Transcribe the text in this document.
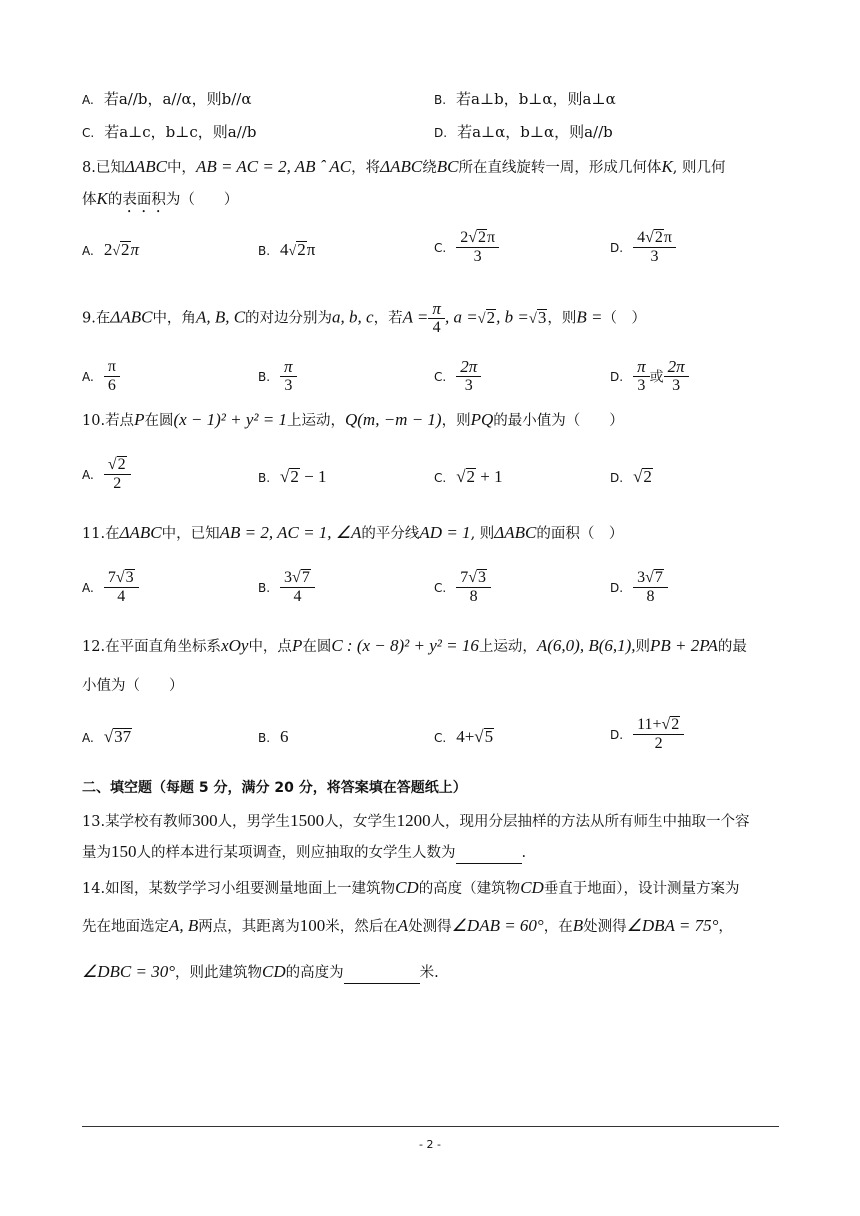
A. 若a//b，a//α，则b//α	B. 若a⊥b，b⊥α，则a⊥α
C. 若a⊥c，b⊥c，则a//b	D. 若a⊥α，b⊥α，则a//b
8.已知ΔABC中，AB = AC = 2, AB ˆ AC，将ΔABC绕BC所在直线旋转一周，形成几何体K, 则几何
体K的表面积为（　　）
A. 2√2π	B. 4√2π	C. $\frac{2√2\pi}{3}$	D. $\frac{4√2\pi}{3}$
9.在ΔABC中，角A, B, C的对边分别为a, b, c，若$A = \frac{\pi}{4}$ , a =√2, b =√3，则B =（　）
A. $\frac{\pi}{6}$	B. $\frac{\pi}{3}$	C. $\frac{2\pi}{3}$	D. $\frac{\pi}{3}$ 或 $\frac{2\pi}{3}$
10.若点P在圆(x − 1)² + y² = 1上运动，Q(m, −m − 1)，则PQ的最小值为（　　）
A. $\frac{√2}{2}$	B. √2 − 1	C. √2 + 1	D. √2
11.在ΔABC中，已知AB = 2, AC = 1, ∠A的平分线AD = 1, 则ΔABC的面积（　）
A. $\frac{7√3}{4}$	B. $\frac{3√7}{4}$	C. $\frac{7√3}{8}$	D. $\frac{3√7}{8}$
12.在平面直角坐标系xOy中，点P在圆C : (x − 8)² + y² = 16上运动，A(6,0), B(6,1),则PB + 2PA的最
小值为（　　）
A. √37	B. 6	C. 4+√5	D. $\frac{11+√2}{2}$
二、填空题（每题 5 分，满分 20 分，将答案填在答题纸上）
13.某学校有教师300人，男学生1500人，女学生1200人，现用分层抽样的方法从所有师生中抽取一个容
量为150人的样本进行某项调查，则应抽取的女学生人数为	.
14.如图，某数学学习小组要测量地面上一建筑物CD的高度（建筑物CD垂直于地面），设计测量方案为
先在地面选定A, B两点，其距离为100米，然后在A处测得∠DAB = 60°，在B处测得∠DBA = 75°，
∠DBC = 30°，则此建筑物CD的高度为	米.
- 2 -
